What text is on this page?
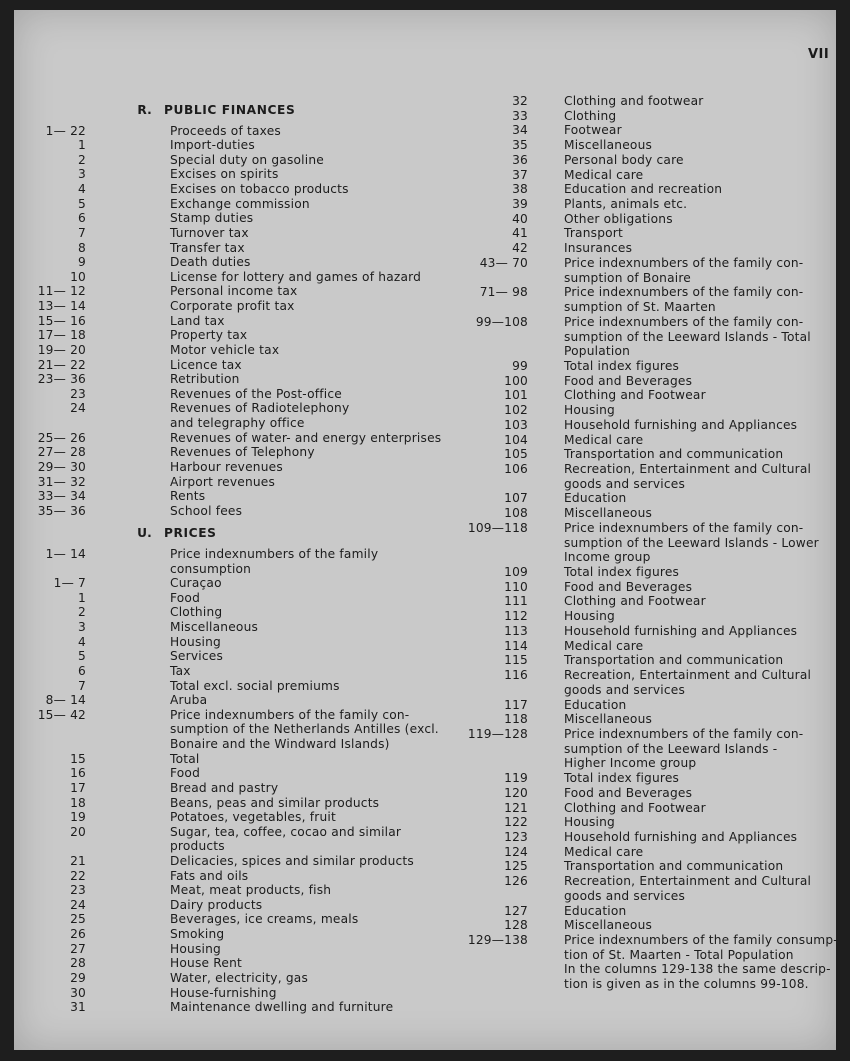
VII
R. PUBLIC FINANCES
1— 22	Proceeds of taxes
1	Import-duties
2	Special duty on gasoline
3	Excises on spirits
4	Excises on tobacco products
5	Exchange commission
6	Stamp duties
7	Turnover tax
8	Transfer tax
9	Death duties
10	License for lottery and games of hazard
11— 12	Personal income tax
13— 14	Corporate profit tax
15— 16	Land tax
17— 18	Property tax
19— 20	Motor vehicle tax
21— 22	Licence tax
23— 36	Retribution
23	Revenues of the Post-office
24	Revenues of Radiotelephony
and telegraphy office
25— 26	Revenues of water- and energy enterprises
27— 28	Revenues of Telephony
29— 30	Harbour revenues
31— 32	Airport revenues
33— 34	Rents
35— 36	School fees
U. PRICES
1— 14	Price indexnumbers of the family
consumption
1— 7	Curaçao
1	Food
2	Clothing
3	Miscellaneous
4	Housing
5	Services
6	Tax
7	Total excl. social premiums
8— 14	Aruba
15— 42	Price indexnumbers of the family con-
sumption of the Netherlands Antilles (excl.
Bonaire and the Windward Islands)
15	Total
16	Food
17	Bread and pastry
18	Beans, peas and similar products
19	Potatoes, vegetables, fruit
20	Sugar, tea, coffee, cocao and similar
products
21	Delicacies, spices and similar products
22	Fats and oils
23	Meat, meat products, fish
24	Dairy products
25	Beverages, ice creams, meals
26	Smoking
27	Housing
28	House Rent
29	Water, electricity, gas
30	House-furnishing
31	Maintenance dwelling and furniture
32	Clothing and footwear
33	Clothing
34	Footwear
35	Miscellaneous
36	Personal body care
37	Medical care
38	Education and recreation
39	Plants, animals etc.
40	Other obligations
41	Transport
42	Insurances
43— 70	Price indexnumbers of the family con-
sumption of Bonaire
71— 98	Price indexnumbers of the family con-
sumption of St. Maarten
99—108	Price indexnumbers of the family con-
sumption of the Leeward Islands - Total
Population
99	Total index figures
100	Food and Beverages
101	Clothing and Footwear
102	Housing
103	Household furnishing and Appliances
104	Medical care
105	Transportation and communication
106	Recreation, Entertainment and Cultural
goods and services
107	Education
108	Miscellaneous
109—118	Price indexnumbers of the family con-
sumption of the Leeward Islands - Lower
Income group
109	Total index figures
110	Food and Beverages
111	Clothing and Footwear
112	Housing
113	Household furnishing and Appliances
114	Medical care
115	Transportation and communication
116	Recreation, Entertainment and Cultural
goods and services
117	Education
118	Miscellaneous
119—128	Price indexnumbers of the family con-
sumption of the Leeward Islands -
Higher Income group
119	Total index figures
120	Food and Beverages
121	Clothing and Footwear
122	Housing
123	Household furnishing and Appliances
124	Medical care
125	Transportation and communication
126	Recreation, Entertainment and Cultural
goods and services
127	Education
128	Miscellaneous
129—138	Price indexnumbers of the family consump-
tion of St. Maarten - Total Population
In the columns 129-138 the same descrip-
tion is given as in the columns 99-108.
